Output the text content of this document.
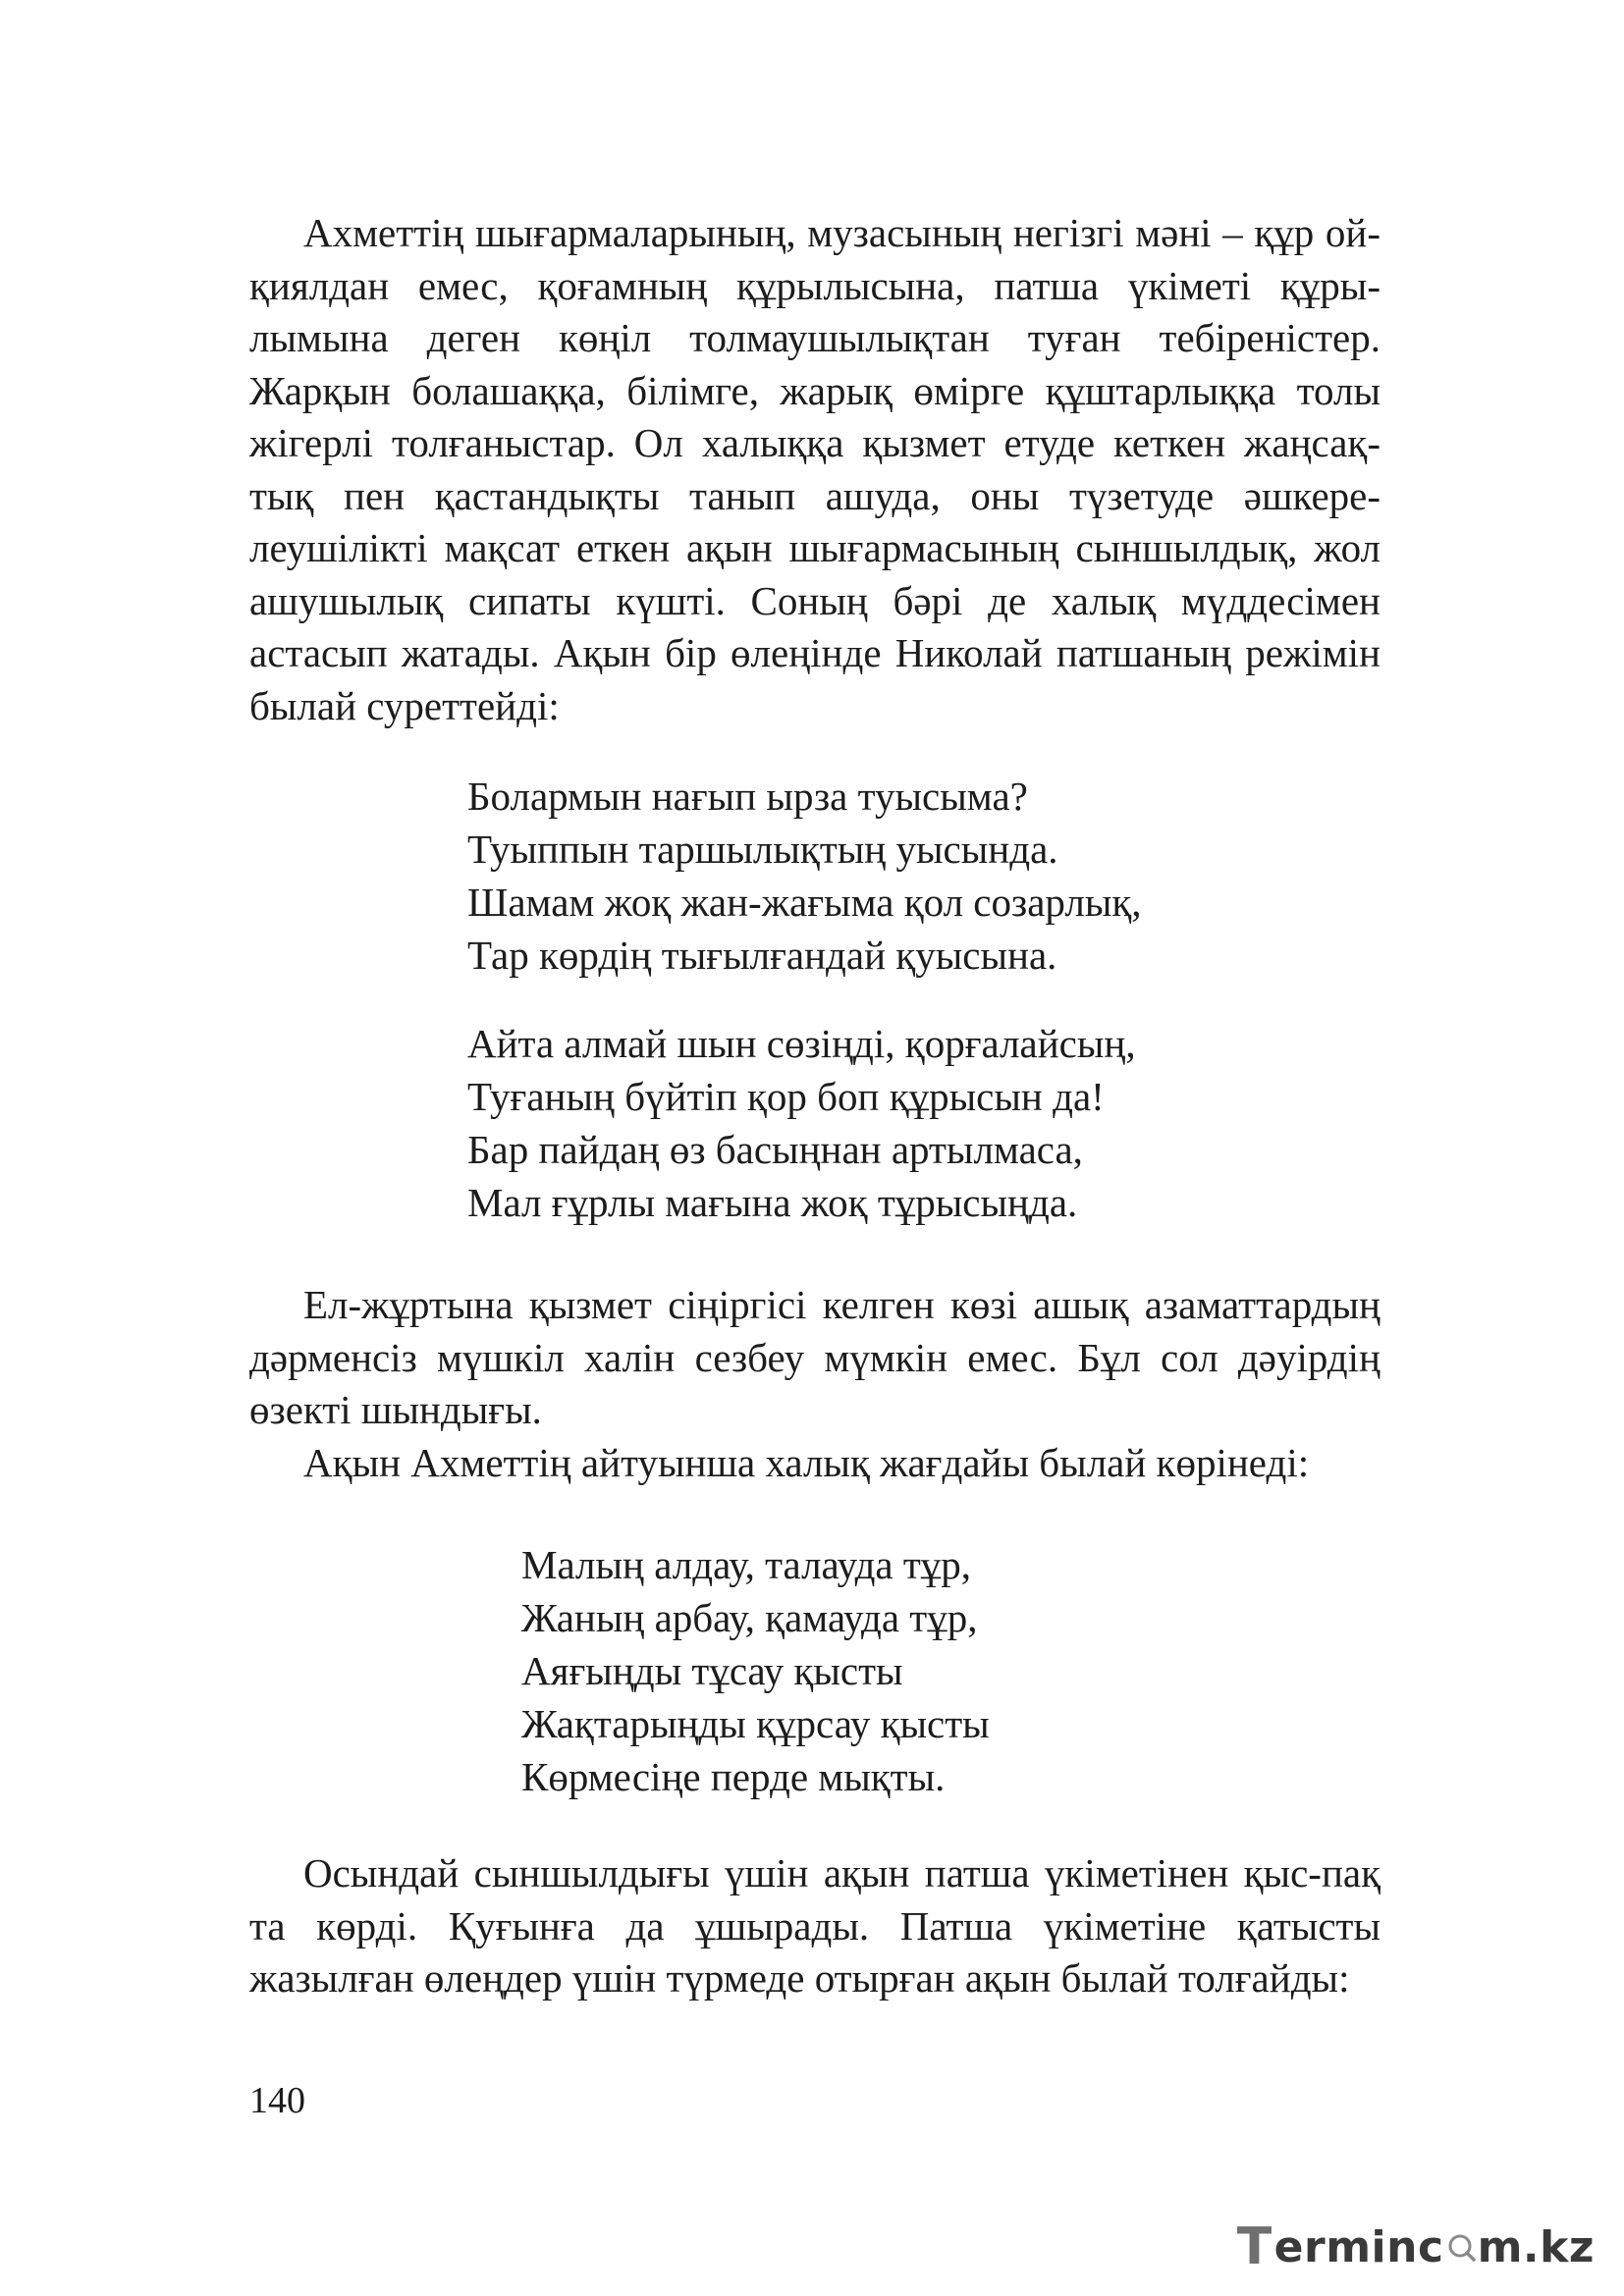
Ахметтің шығармаларының, музасының негізгі мәні – құр ой-қиялдан емес, қоғамның құрылысына, патша үкіметі құры-​лымына деген көңіл толмаушылықтан туған тебіреністер. Жарқын болашаққа, білімге, жарық өмірге құштарлыққа толы жігерлі толғаныстар. Ол халыққа қызмет етуде кеткен жаңсақ-​тық пен қастандықты танып ашуда, оны түзетуде әшкере-​леушілікті мақсат еткен ақын шығармасының сыншылдық, жол ашушылық сипаты күшті. Соның бәрі де халық мүддесімен астасып жатады. Ақын бір өлеңінде Николай патшаның режімін былай суреттейді:

Болармын нағып ырза туысыма?
Туыппын таршылықтың уысында.
Шамам жоқ жан-жағыма қол созарлық,
Тар көрдің тығылғандай қуысына.
Айта алмай шын сөзіңді, қорғалайсың,
Туғаның бүйтіп қор боп құрысын да!
Бар пайдаң өз басыңнан артылмаса,
Мал ғұрлы мағына жоқ тұрысыңда.

Ел-жұртына қызмет сіңіргісі келген көзі ашық азаматтардың дәрменсіз мүшкіл халін сезбеу мүмкін емес. Бұл сол дәуірдің өзекті шындығы.

Ақын Ахметтің айтуынша халық жағдайы былай көрінеді:

Малың алдау, талауда тұр,
Жаның арбау, қамауда тұр,
Аяғыңды тұсау қысты
Жақтарыңды құрсау қысты
Көрмесіңе перде мықты.

Осындай сыншылдығы үшін ақын патша үкіметінен қыс-​пақ та көрді. Қуғынға да ұшырады. Патша үкіметіне қатысты жазылған өлеңдер үшін түрмеде отырған ақын былай толғайды:

140
T erminc m.kz
